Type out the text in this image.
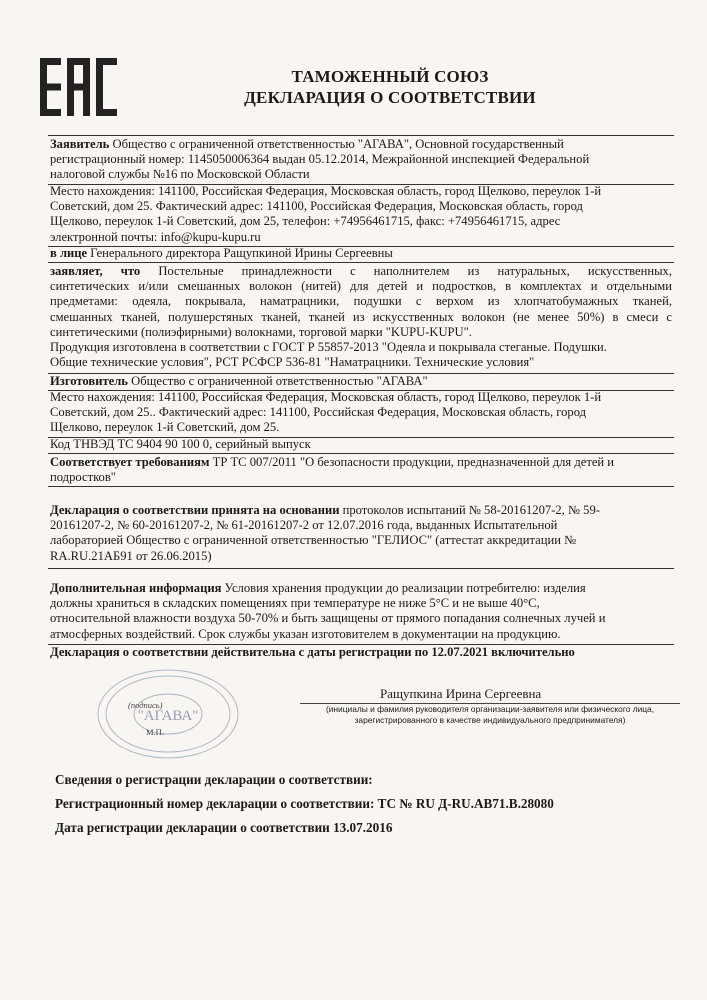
ТАМОЖЕННЫЙ СОЮЗ
ДЕКЛАРАЦИЯ О СООТВЕТСТВИИ
Заявитель Общество с ограниченной ответственностью "АГАВА", Основной государственный
регистрационный номер: 1145050006364 выдан 05.12.2014, Межрайонной инспекцией Федеральной
налоговой службы №16 по Московской Области
Место нахождения: 141100, Российская Федерация, Московская область, город Щелково, переулок 1-й
Советский, дом 25. Фактический адрес: 141100, Российская Федерация, Московская область, город
Щелково, переулок 1-й Советский, дом 25, телефон: +74956461715, факс: +74956461715, адрес
электронной почты: info@kupu-kupu.ru
в лице Генерального директора Ращупкиной Ирины Сергеевны
заявляет, что Постельные принадлежности с наполнителем из натуральных, искусственных,
синтетических и/или смешанных волокон (нитей) для детей и подростков, в комплектах и отдельными
предметами: одеяла, покрывала, наматрацники, подушки с верхом из хлопчатобумажных тканей,
смешанных тканей, полушерстяных тканей, тканей из искусственных волокон (не менее 50%) в смеси с
синтетическими (полиэфирными) волокнами, торговой марки "KUPU-KUPU".
Продукция изготовлена в соответствии с ГОСТ Р 55857-2013 "Одеяла и покрывала стеганые. Подушки.
Общие технические условия", РСТ РСФСР 536-81 "Наматрацники. Технические условия"
Изготовитель Общество с ограниченной ответственностью "АГАВА"
Место нахождения: 141100, Российская Федерация, Московская область, город Щелково, переулок 1-й
Советский, дом 25.. Фактический адрес: 141100, Российская Федерация, Московская область, город
Щелково, переулок 1-й Советский, дом 25.
Код ТНВЭД ТС 9404 90 100 0, серийный выпуск
Соответствует требованиям ТР ТС 007/2011 "О безопасности продукции, предназначенной для детей и
подростков"
Декларация о соответствии принята на основании протоколов испытаний № 58-20161207-2, № 59-
20161207-2, № 60-20161207-2, № 61-20161207-2 от 12.07.2016 года, выданных Испытательной
лабораторией Общество с ограниченной ответственностью "ГЕЛИОС" (аттестат аккредитации №
RA.RU.21АБ91 от 26.06.2015)
Дополнительная информация Условия хранения продукции до реализации потребителю: изделия
должны храниться в складских помещениях при температуре не ниже 5°С и не выше 40°С,
относительной влажности воздуха 50-70% и быть защищены от прямого попадания солнечных лучей и
атмосферных воздействий. Срок службы указан изготовителем в документации на продукцию.
Декларация о соответствии действительна с даты регистрации по 12.07.2021 включительно
"АГАВА"
Ращупкина Ирина Сергеевна
(инициалы и фамилия руководителя организации-заявителя или физического лица,
зарегистрированного в качестве индивидуального предпринимателя)
(подпись)
М.П.
Сведения о регистрации декларации о соответствии:
Регистрационный номер декларации о соответствии: ТС № RU Д-RU.АВ71.В.28080
Дата регистрации декларации о соответствии 13.07.2016
